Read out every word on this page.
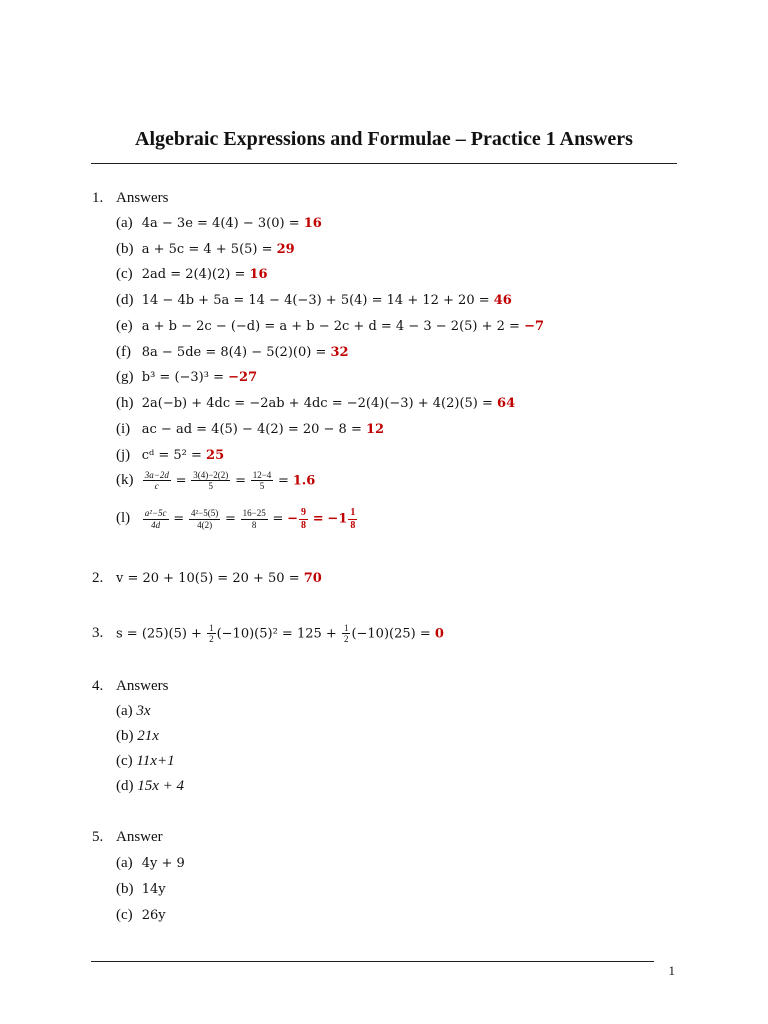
Algebraic Expressions and Formulae – Practice 1 Answers
1. Answers
(a) 4a − 3e = 4(4) − 3(0) = 16
(b) a + 5c = 4 + 5(5) = 29
(c) 2ad = 2(4)(2) = 16
(d) 14 − 4b + 5a = 14 − 4(−3) + 5(4) = 14 + 12 + 20 = 46
(e) a + b − 2c − (−d) = a + b − 2c + d = 4 − 3 − 2(5) + 2 = −7
(f) 8a − 5de = 8(4) − 5(2)(0) = 32
(g) b³ = (−3)³ = −27
(h) 2a(−b) + 4dc = −2ab + 4dc = −2(4)(−3) + 4(2)(5) = 64
(i) ac − ad = 4(5) − 4(2) = 20 − 8 = 12
(j) cᵈ = 5² = 25
$(k) \frac{3a-2d}{c} = \frac{3(4)-2(2)}{5} = \frac{12-4}{5} = 1.6$
$(l) \frac{\text{a²−5c}}{4d} = \frac{\text{4²−5(5)}}{4(2)} = \frac{16-25}{8}$ = − $\frac{9}{8} = -1 \frac{1}{8}$
2. v = 20 + 10(5) = 20 + 50 = 70
3. $s = (25)(5) + \frac{1}{2} (-10)(5)^2 = 125 + \frac{1}{2} (-10)(25) = 0$
4. Answers
(a) 3x
(b) 21x
(c) 11x+1
(d) 15x + 4
5. Answer
(a) 4y + 9
(b) 14y
(c) 26y
1
